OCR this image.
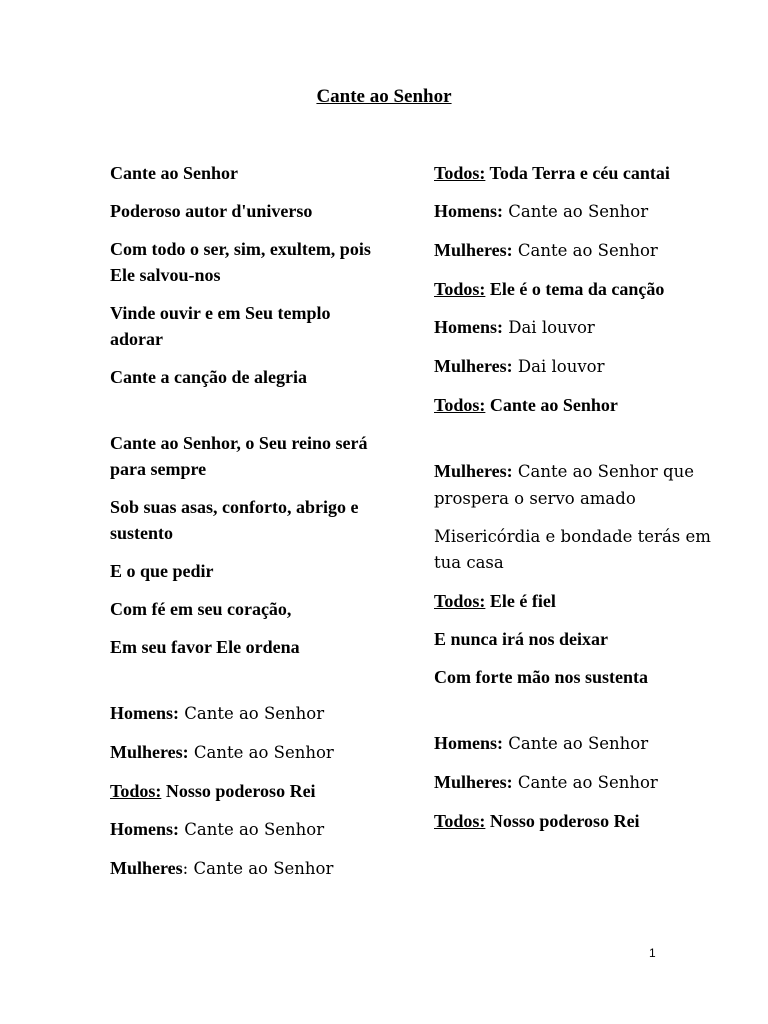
Cante ao Senhor
Cante ao Senhor
Poderoso autor d'universo
Com todo o ser, sim, exultem, pois Ele salvou-nos
Vinde ouvir e em Seu templo adorar
Cante a canção de alegria
Cante ao Senhor, o Seu reino será para sempre
Sob suas asas, conforto, abrigo e sustento
E o que pedir
Com fé em seu coração,
Em seu favor Ele ordena
Homens: Cante ao Senhor
Mulheres: Cante ao Senhor
Todos: Nosso poderoso Rei
Homens: Cante ao Senhor
Mulheres: Cante ao Senhor
Todos: Toda Terra e céu cantai
Homens: Cante ao Senhor
Mulheres: Cante ao Senhor
Todos: Ele é o tema da canção
Homens: Dai louvor
Mulheres: Dai louvor
Todos: Cante ao Senhor
Mulheres: Cante ao Senhor que prospera o servo amado
Misericórdia e bondade terás em tua casa
Todos: Ele é fiel
E nunca irá nos deixar
Com forte mão nos sustenta
Homens: Cante ao Senhor
Mulheres: Cante ao Senhor
Todos: Nosso poderoso Rei
1
